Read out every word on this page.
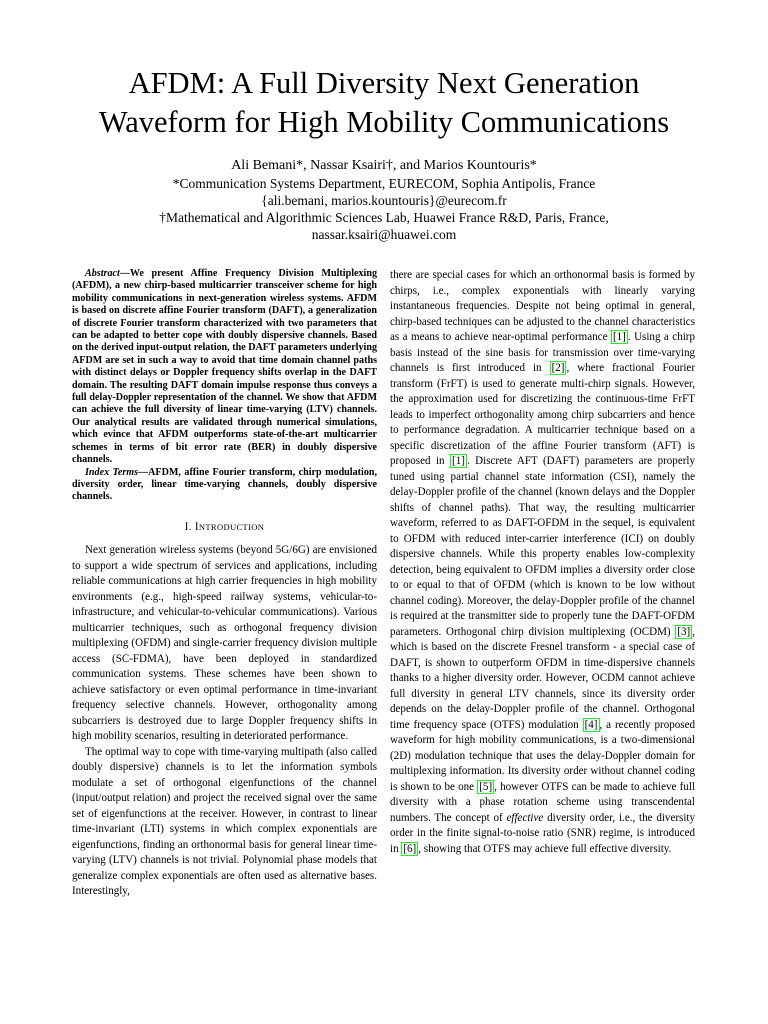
AFDM: A Full Diversity Next Generation
Waveform for High Mobility Communications
Ali Bemani*, Nassar Ksairi†, and Marios Kountouris*
*Communication Systems Department, EURECOM, Sophia Antipolis, France
{ali.bemani, marios.kountouris}@eurecom.fr
†Mathematical and Algorithmic Sciences Lab, Huawei France R&D, Paris, France,
nassar.ksairi@huawei.com

Abstract—We present Affine Frequency Division Multiplexing (AFDM), a new chirp-based multicarrier transceiver scheme for high mobility communications in next-generation wireless systems. AFDM is based on discrete affine Fourier transform (DAFT), a generalization of discrete Fourier transform characterized with two parameters that can be adapted to better cope with doubly dispersive channels. Based on the derived input-output relation, the DAFT parameters underlying AFDM are set in such a way to avoid that time domain channel paths with distinct delays or Doppler frequency shifts overlap in the DAFT domain. The resulting DAFT domain impulse response thus conveys a full delay-Doppler representation of the channel. We show that AFDM can achieve the full diversity of linear time-varying (LTV) channels. Our analytical results are validated through numerical simulations, which evince that AFDM outperforms state-of-the-art multicarrier schemes in terms of bit error rate (BER) in doubly dispersive channels.

Index Terms—AFDM, affine Fourier transform, chirp modulation, diversity order, linear time-varying channels, doubly dispersive channels.

I. INTRODUCTION

Next generation wireless systems (beyond 5G/6G) are envisioned to support a wide spectrum of services and applications, including reliable communications at high carrier frequencies in high mobility environments (e.g., high-speed railway systems, vehicular-to-infrastructure, and vehicular-to-vehicular communications). Various multicarrier techniques, such as orthogonal frequency division multiplexing (OFDM) and single-carrier frequency division multiple access (SC-FDMA), have been deployed in standardized communication systems. These schemes have been shown to achieve satisfactory or even optimal performance in time-invariant frequency selective channels. However, orthogonality among subcarriers is destroyed due to large Doppler frequency shifts in high mobility scenarios, resulting in deteriorated performance.

The optimal way to cope with time-varying multipath (also called doubly dispersive) channels is to let the information symbols modulate a set of orthogonal eigenfunctions of the channel (input/output relation) and project the received signal over the same set of eigenfunctions at the receiver. However, in contrast to linear time-invariant (LTI) systems in which complex exponentials are eigenfunctions, finding an orthonormal basis for general linear time-varying (LTV) channels is not trivial. Polynomial phase models that generalize complex exponentials are often used as alternative bases. Interestingly,

there are special cases for which an orthonormal basis is formed by chirps, i.e., complex exponentials with linearly varying instantaneous frequencies. Despite not being optimal in general, chirp-based techniques can be adjusted to the channel characteristics as a means to achieve near-optimal performance [1] . Using a chirp basis instead of the sine basis for transmission over time-varying channels is first introduced in [2] , where fractional Fourier transform (FrFT) is used to generate multi-chirp signals. However, the approximation used for discretizing the continuous-time FrFT leads to imperfect orthogonality among chirp subcarriers and hence to performance degradation. A multicarrier technique based on a specific discretization of the affine Fourier transform (AFT) is proposed in [1] . Discrete AFT (DAFT) parameters are properly tuned using partial channel state information (CSI), namely the delay-Doppler profile of the channel (known delays and the Doppler shifts of channel paths). That way, the resulting multicarrier waveform, referred to as DAFT-OFDM in the sequel, is equivalent to OFDM with reduced inter-carrier interference (ICI) on doubly dispersive channels. While this property enables low-complexity detection, being equivalent to OFDM implies a diversity order close to or equal to that of OFDM (which is known to be low without channel coding). Moreover, the delay-Doppler profile of the channel is required at the transmitter side to properly tune the DAFT-OFDM parameters. Orthogonal chirp division multiplexing (OCDM) [3] , which is based on the discrete Fresnel transform - a special case of DAFT, is shown to outperform OFDM in time-dispersive channels thanks to a higher diversity order. However, OCDM cannot achieve full diversity in general LTV channels, since its diversity order depends on the delay-Doppler profile of the channel. Orthogonal time frequency space (OTFS) modulation [4] , a recently proposed waveform for high mobility communications, is a two-dimensional (2D) modulation technique that uses the delay-Doppler domain for multiplexing information. Its diversity order without channel coding is shown to be one [5] , however OTFS can be made to achieve full diversity with a phase rotation scheme using transcendental numbers. The concept of effective diversity order, i.e., the diversity order in the finite signal-to-noise ratio (SNR) regime, is introduced in [6] , showing that OTFS may achieve full effective diversity.
